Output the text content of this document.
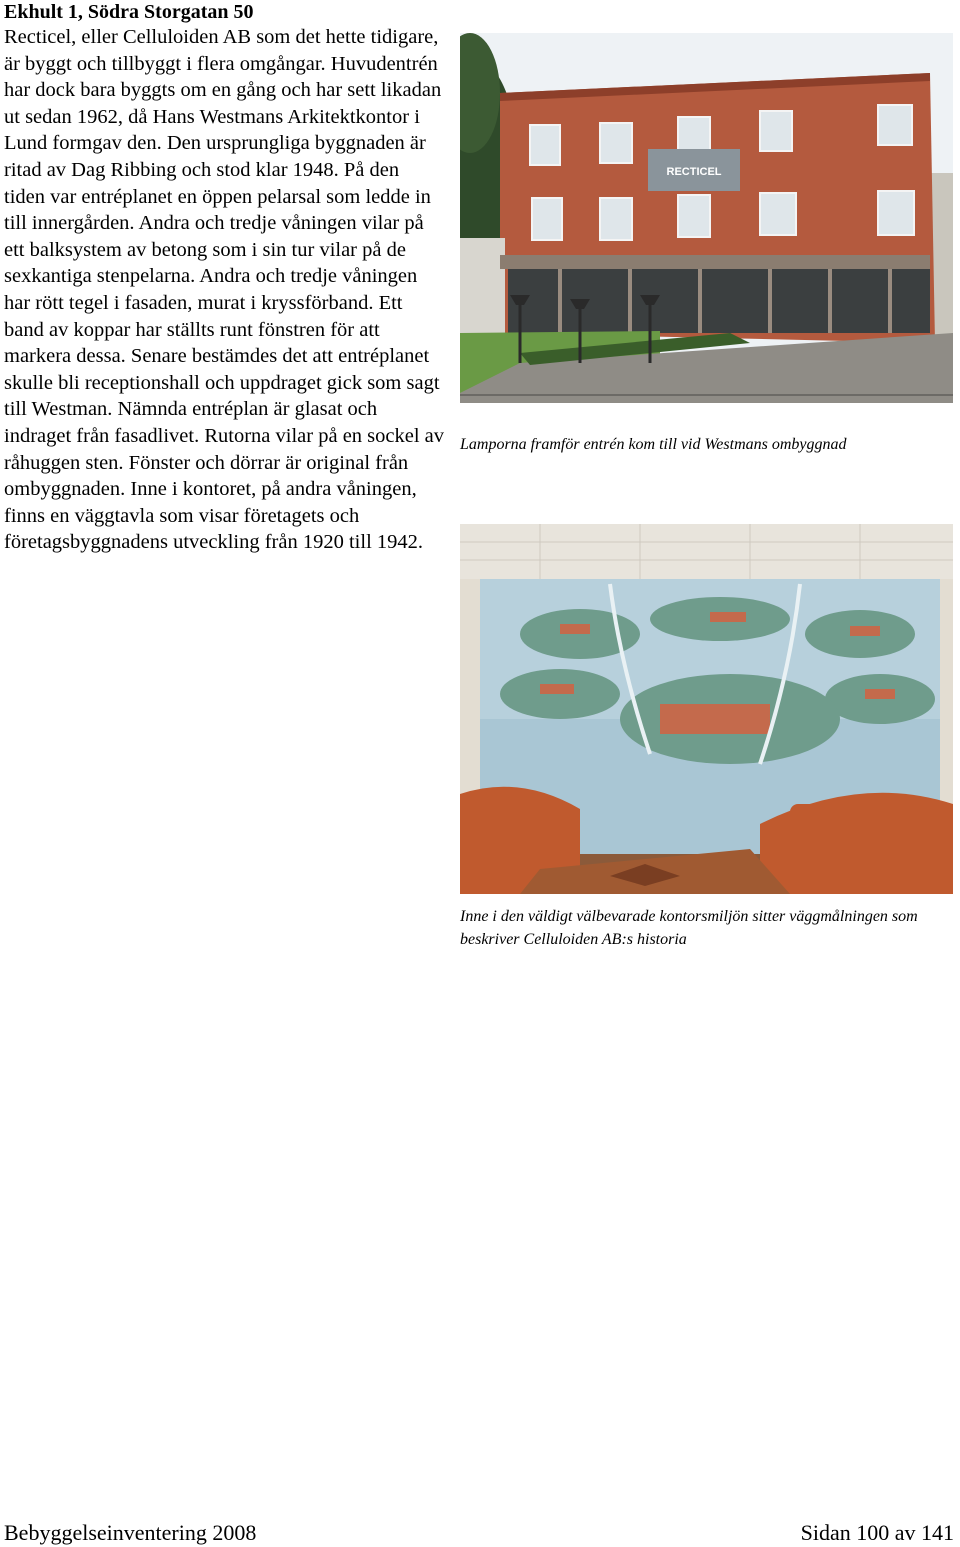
Ekhult 1, Södra Storgatan 50

Recticel, eller Celluloiden AB som det hette tidigare, är byggt och tillbyggt i flera omgångar. Huvudentrén har dock bara byggts om en gång och har sett likadan ut sedan 1962, då Hans Westmans Arkitektkontor i Lund formgav den. Den ursprungliga byggnaden är ritad av Dag Ribbing och stod klar 1948. På den tiden var entréplanet en öppen pelarsal som ledde in till innergården. Andra och tredje våningen vilar på ett balksystem av betong som i sin tur vilar på de sexkantiga stenpelarna. Andra och tredje våningen har rött tegel i fasaden, murat i kryssförband. Ett band av koppar har ställts runt fönstren för att markera dessa. Senare bestämdes det att entréplanet skulle bli receptionshall och uppdraget gick som sagt till Westman. Nämnda entréplan är glasat och indraget från fasadlivet. Rutorna vilar på en sockel av råhuggen sten. Fönster och dörrar är original från ombyggnaden. Inne i kontoret, på andra våningen, finns en väggtavla som visar företagets och företagsbyggnadens utveckling från 1920 till 1942.

RECTICEL

Lamporna framför entrén kom till vid Westmans ombyggnad

Inne i den väldigt välbevarade kontorsmiljön sitter väggmålningen som beskriver Celluloiden AB:s historia

Bebyggelseinventering 2008	Sidan 100 av 141
